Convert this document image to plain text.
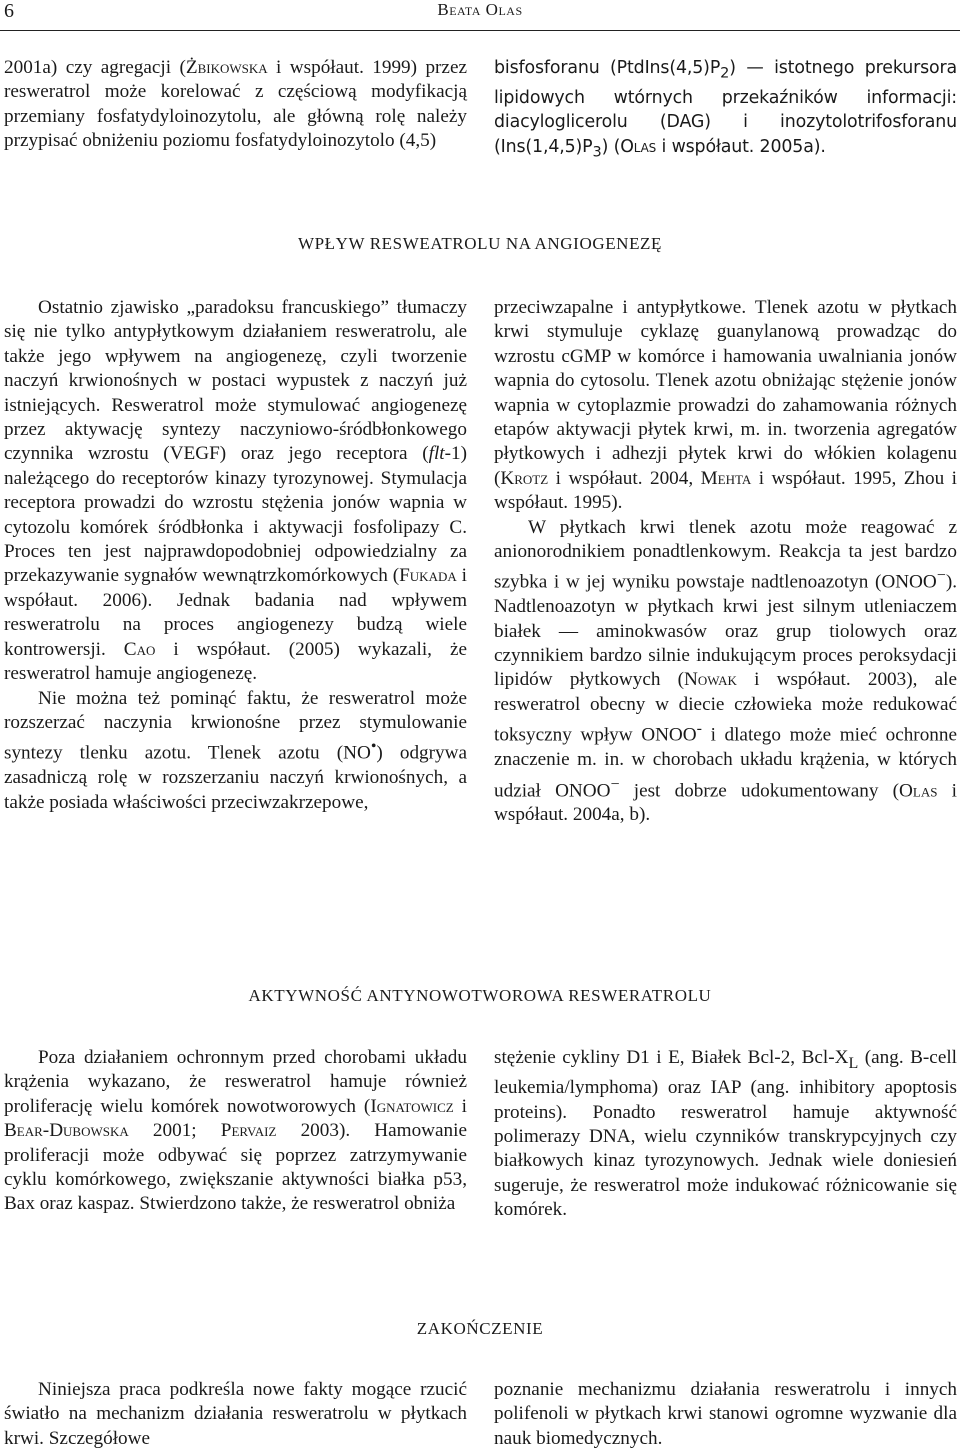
6	Beata Olas

2001a) czy agregacji (Żbikowska i współaut. 1999) przez resweratrol może korelować z częściową modyfikacją przemiany fosfatydyloinozytolu, ale główną rolę należy przypisać obniżeniu poziomu fosfatydyloinozytolo (4,5)

bisfosforanu $(PtdIns(4,5)P_2)$ — istotnego prekursora lipidowych wtórnych przekaźników informacji: diacyloglicerolu (DAG) i inozytolotrifosforanu $(Ins(1,4,5)P_3)$ (Olas i współaut. 2005a).

WPŁYW RESWEATROLU NA ANGIOGENEZĘ

Ostatnio zjawisko „paradoksu francuskiego” tłumaczy się nie tylko antypłytkowym działaniem resweratrolu, ale także jego wpływem na angiogenezę, czyli tworzenie naczyń krwionośnych w postaci wypustek z naczyń już istniejących. Resweratrol może stymulować angiogenezę przez aktywację syntezy naczyniowo-śródbłonkowego czynnika wzrostu (VEGF) oraz jego receptora (flt-1) należącego do receptorów kinazy tyrozynowej. Stymulacja receptora prowadzi do wzrostu stężenia jonów wapnia w cytozolu komórek śródbłonka i aktywacji fosfolipazy C. Proces ten jest najprawdopodobniej odpowiedzialny za przekazywanie sygnałów wewnątrzkomórkowych (Fukada i współaut. 2006). Jednak badania nad wpływem resweratrolu na proces angiogenezy budzą wiele kontrowersji. Cao i współaut. (2005) wykazali, że resweratrol hamuje angiogenezę.

Nie można też pominąć faktu, że resweratrol może rozszerzać naczynia krwionośne przez stymulowanie syntezy tlenku azotu. Tlenek azotu (NO•) odgrywa zasadniczą rolę w rozszerzaniu naczyń krwionośnych, a także posiada właściwości przeciwzakrzepowe,

przeciwzapalne i antypłytkowe. Tlenek azotu w płytkach krwi stymuluje cyklazę guanylanową prowadząc do wzrostu cGMP w komórce i hamowania uwalniania jonów wapnia do cytosolu. Tlenek azotu obniżając stężenie jonów wapnia w cytoplazmie prowadzi do zahamowania różnych etapów aktywacji płytek krwi, m. in. tworzenia agregatów płytkowych i adhezji płytek krwi do włókien kolagenu (Krotz i współaut. 2004, Mehta i współaut. 1995, Zhou i współaut. 1995).

W płytkach krwi tlenek azotu może reagować z anionorodnikiem ponadtlenkowym. Reakcja ta jest bardzo szybka i w jej wyniku powstaje nadtlenoazotyn (ONOO−). Nadtlenoazotyn w płytkach krwi jest silnym utleniaczem białek — aminokwasów oraz grup tiolowych oraz czynnikiem bardzo silnie indukującym proces peroksydacji lipidów płytkowych (Nowak i współaut. 2003), ale resweratrol obecny w diecie człowieka może redukować toksyczny wpływ ONOO- i dlatego może mieć ochronne znaczenie m. in. w chorobach układu krążenia, w których udział ONOO− jest dobrze udokumentowany (Olas i współaut. 2004a, b).

AKTYWNOŚĆ ANTYNOWOTWOROWA RESWERATROLU

Poza działaniem ochronnym przed chorobami układu krążenia wykazano, że resweratrol hamuje również proliferację wielu komórek nowotworowych (Ignatowicz i Bear-Dubowska 2001; Pervaiz 2003). Hamowanie proliferacji może odbywać się poprzez zatrzymywanie cyklu komórkowego, zwiększanie aktywności białka p53, Bax oraz kaspaz. Stwierdzono także, że resweratrol obniża

stężenie cykliny D1 i E, Białek Bcl-2, Bcl-$X_L$ (ang. B-cell leukemia/lymphoma) oraz IAP (ang. inhibitory apoptosis proteins). Ponadto resweratrol hamuje aktywność polimerazy DNA, wielu czynników transkrypcyjnych czy białkowych kinaz tyrozynowych. Jednak wiele doniesień sugeruje, że resweratrol może indukować różnicowanie się komórek.

ZAKOŃCZENIE

Niniejsza praca podkreśla nowe fakty mogące rzucić światło na mechanizm działania resweratrolu w płytkach krwi. Szczegółowe

poznanie mechanizmu działania resweratrolu i innych polifenoli w płytkach krwi stanowi ogromne wyzwanie dla nauk biomedycznych.
